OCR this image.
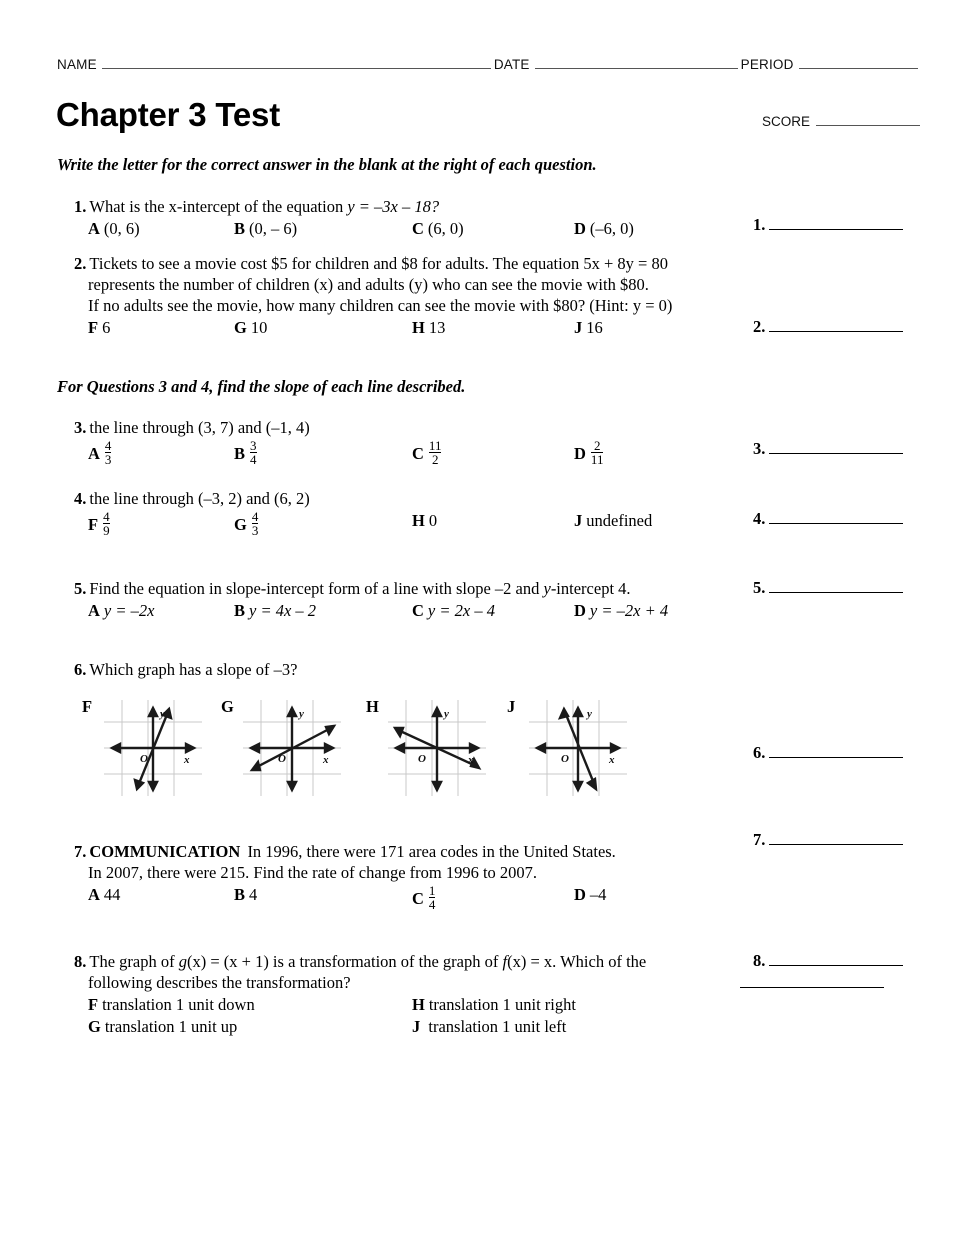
NAME	DATE	PERIOD
Chapter 3 Test	SCORE
Write the letter for the correct answer in the blank at the right of each question.
For Questions 3 and 4, find the slope of each line described.
1. What is the x-intercept of the equation y = –3x – 18?
A (0, 6)	B (0, – 6)	C (6, 0)	D (–6, 0)
2. Tickets to see a movie cost $5 for children and $8 for adults. The equation 5x + 8y = 80
represents the number of children (x) and adults (y) who can see the movie with $80.
If no adults see the movie, how many children can see the movie with $80? (Hint: y = 0)
F 6	G 10	H 13	J 16
3. the line through (3, 7) and (–1, 4)
A $\frac{4}{3}$	B $\frac{3}{4}$	C $\frac{11}{2}$	D $\frac{2}{11}$
4. the line through (–3, 2) and (6, 2)
F $\frac{4}{9}$	G $\frac{4}{3}$	H 0	J undefined
5. Find the equation in slope-intercept form of a line with slope –2 and y-intercept 4.
A y = –2x	B y = 4x – 2	C y = 2x – 4	D y = –2x + 4
6. Which graph has a slope of –3?
F	y
x
O
G	y
x
O
H	y
x
O
J	y
x
O
7. COMMUNICATION In 1996, there were 171 area codes in the United States.
In 2007, there were 215. Find the rate of change from 1996 to 2007.
A 44	B 4	C $\frac{1}{4}$	D –4
8. The graph of g(x) = (x + 1) is a transformation of the graph of f(x) = x. Which of the
following describes the transformation?
F translation 1 unit down	H translation 1 unit right
G translation 1 unit up	J translation 1 unit left
1.
2.
3.
4.
5.
6.
7.
8.
